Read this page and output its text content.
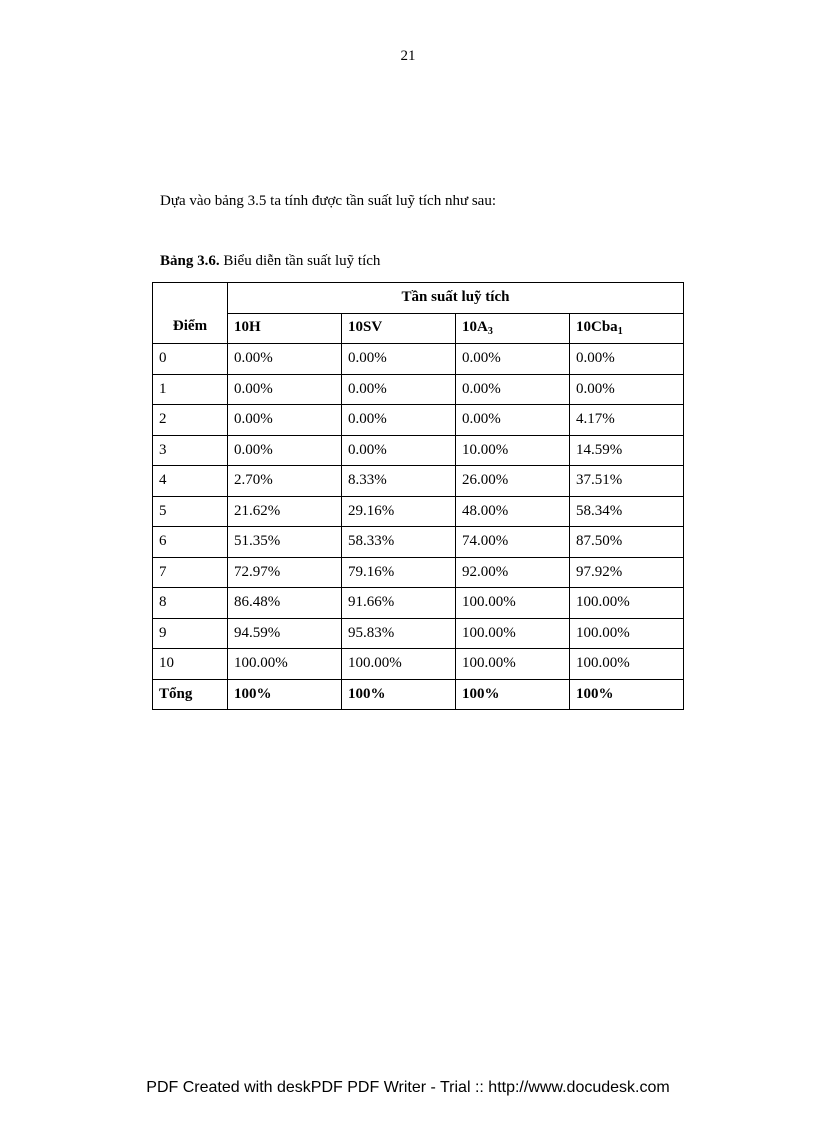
21
Dựa vào bảng 3.5 ta tính được tần suất luỹ tích như sau:
Bảng 3.6. Biểu diễn tần suất luỹ tích
Điểm	Tần suất luỹ tích			
	10H	10SV	$10A_3$	10Cba$_1$
0	0.00%	0.00%	0.00%	0.00%
1	0.00%	0.00%	0.00%	0.00%
2	0.00%	0.00%	0.00%	4.17%
3	0.00%	0.00%	10.00%	14.59%
4	2.70%	8.33%	26.00%	37.51%
5	21.62%	29.16%	48.00%	58.34%
6	51.35%	58.33%	74.00%	87.50%
7	72.97%	79.16%	92.00%	97.92%
8	86.48%	91.66%	100.00%	100.00%
9	94.59%	95.83%	100.00%	100.00%
10	100.00%	100.00%	100.00%	100.00%
Tổng	100%	100%	100%	100%
PDF Created with deskPDF PDF Writer - Trial :: http://www.docudesk.com
